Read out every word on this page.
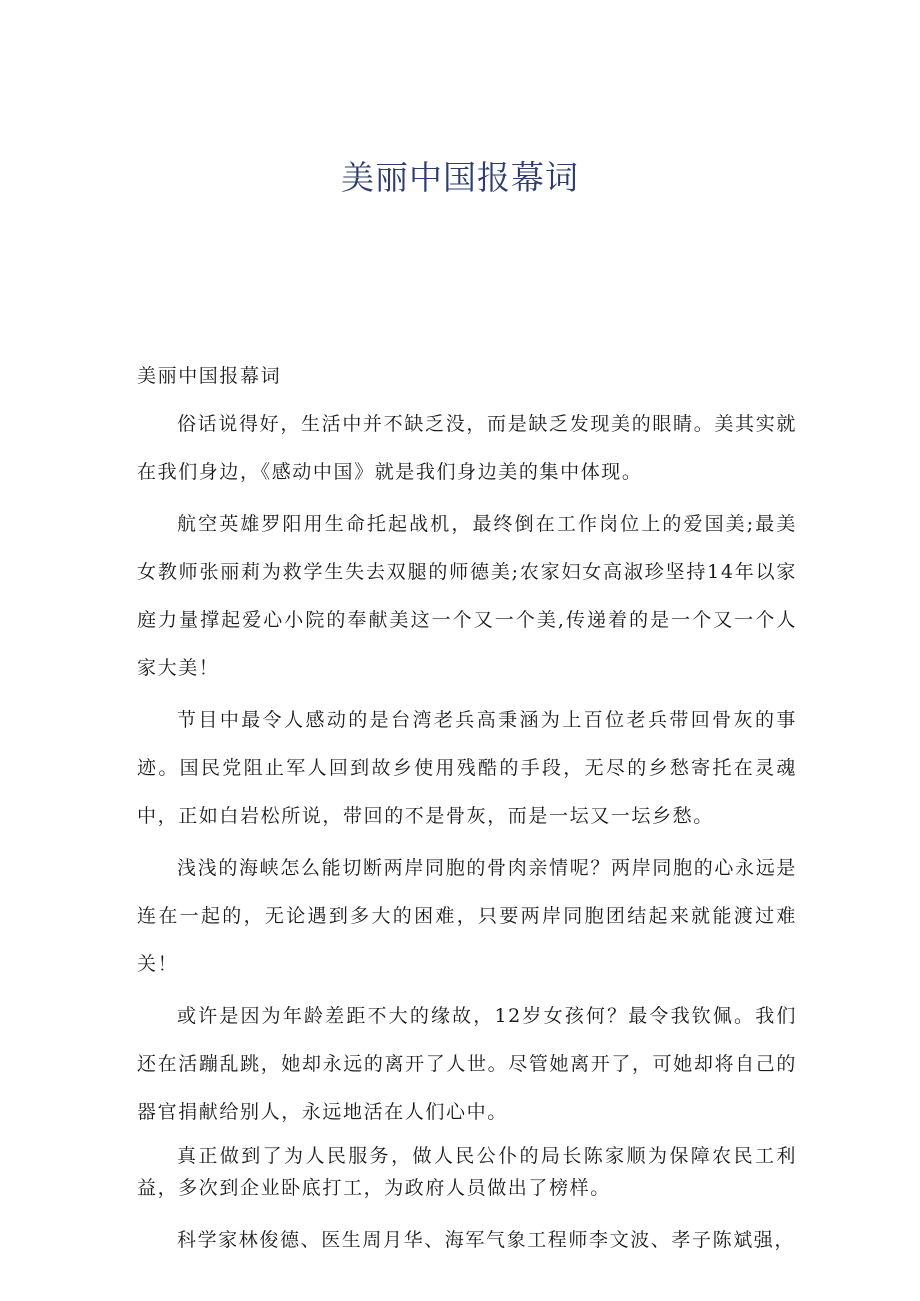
美丽中国报幕词

美丽中国报幕词

俗话说得好，生活中并不缺乏没，而是缺乏发现美的眼睛。美其实就在我们身边，《感动中国》就是我们身边美的集中体现。

航空英雄罗阳用生命托起战机，最终倒在工作岗位上的爱国美;最美女教师张丽莉为救学生失去双腿的师德美;农家妇女高淑珍坚持14年以家庭力量撑起爱心小院的奉献美这一个又一个美,传递着的是一个又一个人家大美！

节目中最令人感动的是台湾老兵高秉涵为上百位老兵带回骨灰的事迹。国民党阻止军人回到故乡使用残酷的手段，无尽的乡愁寄托在灵魂中，正如白岩松所说，带回的不是骨灰，而是一坛又一坛乡愁。

浅浅的海峡怎么能切断两岸同胞的骨肉亲情呢？两岸同胞的心永远是连在一起的，无论遇到多大的困难，只要两岸同胞团结起来就能渡过难关！

或许是因为年龄差距不大的缘故，12岁女孩何？最令我钦佩。我们还在活蹦乱跳，她却永远的离开了人世。尽管她离开了，可她却将自己的器官捐献给别人，永远地活在人们心中。

真正做到了为人民服务，做人民公仆的局长陈家顺为保障农民工利益，多次到企业卧底打工，为政府人员做出了榜样。

科学家林俊德、医生周月华、海军气象工程师李文波、孝子陈斌强，
